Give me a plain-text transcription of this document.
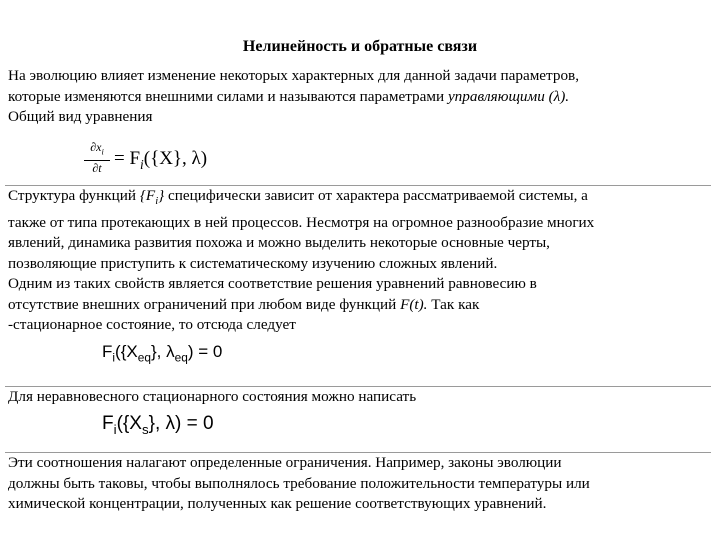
Нелинейность и обратные связи

На эволюцию влияет изменение некоторых характерных для данной задачи параметров,

которые изменяются внешними силами и называются параметрами управляющими (λ).

Общий вид уравнения

$\frac{\partial x_i}{\partial t} = F_i(\{X\}$, λ)

Структура функций $\{F_i\}$ специфически зависит от характера рассматриваемой системы, а

также от типа протекающих в ней процессов. Несмотря на огромное разнообразие многих

явлений, динамика развития похожа и можно выделить некоторые основные черты,

позволяющие приступить к систематическому изучению сложных явлений.

Одним из таких свойств является соответствие решения уравнений равновесию в

отсутствие внешних ограничений при любом виде функций F(t). Так как

-стационарное состояние, то отсюда следует

$F_i(\{X_{eq}\}$, $\lambda_{eq}) = 0$

Для неравновесного стационарного состояния можно написать

$F_i(\{X_s\}$, λ) = 0

Эти соотношения налагают определенные ограничения. Например, законы эволюции

должны быть таковы, чтобы выполнялось требование положительности температуры или

химической концентрации, полученных как решение соответствующих уравнений.
